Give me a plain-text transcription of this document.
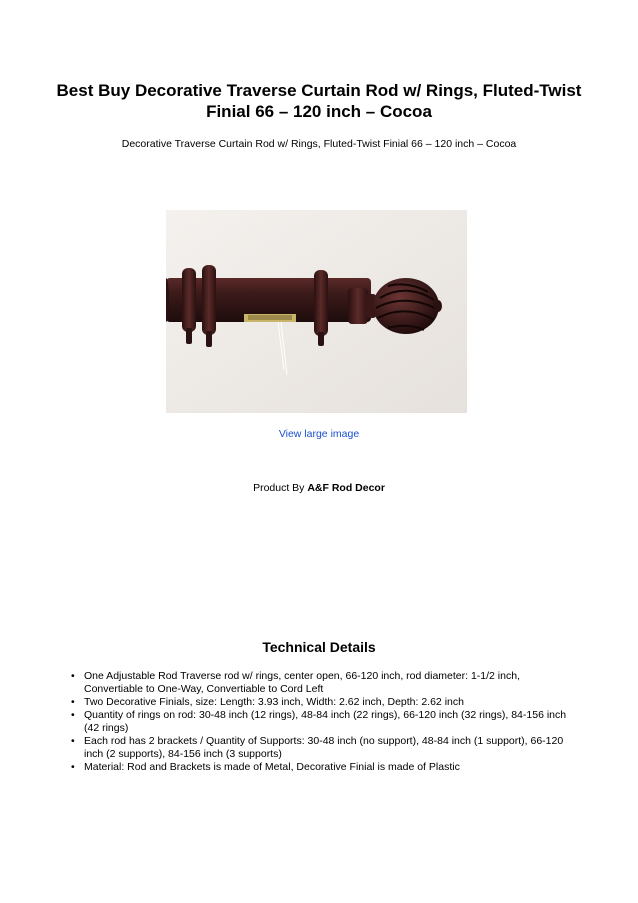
Best Buy Decorative Traverse Curtain Rod w/ Rings, Fluted-Twist Finial 66 – 120 inch – Cocoa
Decorative Traverse Curtain Rod w/ Rings, Fluted-Twist Finial 66 – 120 inch – Cocoa
View large image
Product By A&F Rod Decor
Technical Details
• One Adjustable Rod Traverse rod w/ rings, center open, 66-120 inch, rod diameter: 1-1/2 inch, Convertiable to One-Way, Convertiable to Cord Left
• Two Decorative Finials, size: Length: 3.93 inch, Width: 2.62 inch, Depth: 2.62 inch
• Quantity of rings on rod: 30-48 inch (12 rings), 48-84 inch (22 rings), 66-120 inch (32 rings), 84-156 inch (42 rings)
• Each rod has 2 brackets / Quantity of Supports: 30-48 inch (no support), 48-84 inch (1 support), 66-120 inch (2 supports), 84-156 inch (3 supports)
• Material: Rod and Brackets is made of Metal, Decorative Finial is made of Plastic
